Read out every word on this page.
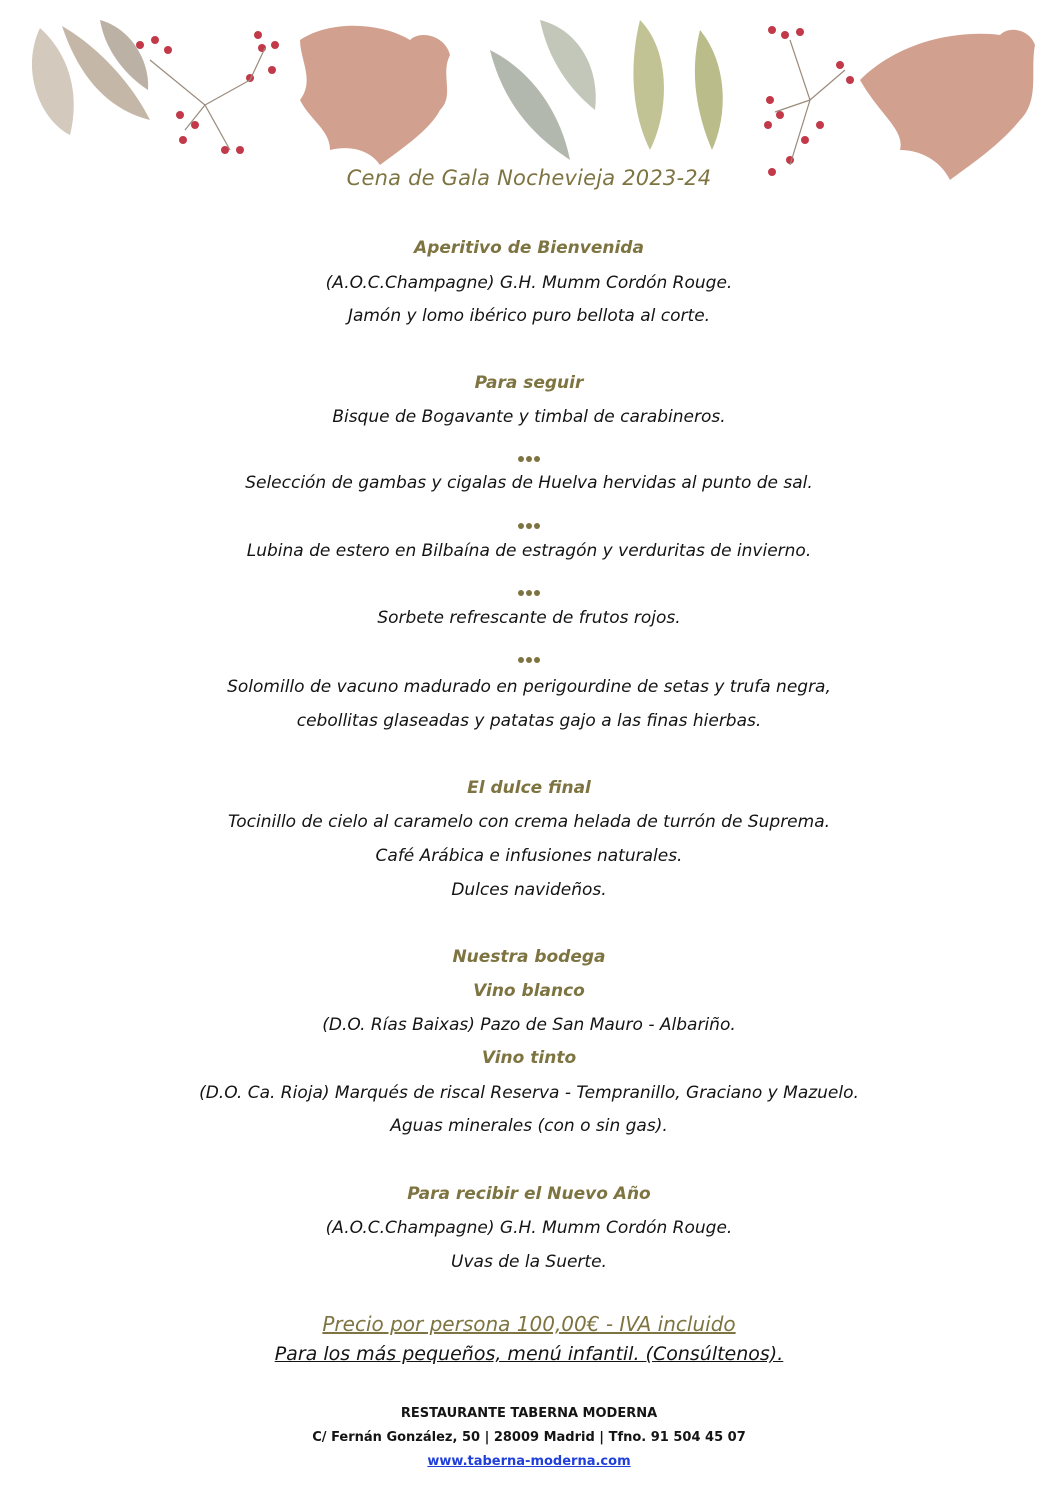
Cena de Gala Nochevieja 2023-24
Aperitivo de Bienvenida
(A.O.C.Champagne) G.H. Mumm Cordón Rouge.
Jamón y lomo ibérico puro bellota al corte.
Para seguir
Bisque de Bogavante y timbal de carabineros.
Selección de gambas y cigalas de Huelva hervidas al punto de sal.
Lubina de estero en Bilbaína de estragón y verduritas de invierno.
Sorbete refrescante de frutos rojos.
Solomillo de vacuno madurado en perigourdine de setas y trufa negra,
cebollitas glaseadas y patatas gajo a las finas hierbas.
El dulce final
Tocinillo de cielo al caramelo con crema helada de turrón de Suprema.
Café Arábica e infusiones naturales.
Dulces navideños.
Nuestra bodega
Vino blanco
(D.O. Rías Baixas) Pazo de San Mauro - Albariño.
Vino tinto
(D.O. Ca. Rioja) Marqués de riscal Reserva - Tempranillo, Graciano y Mazuelo.
Aguas minerales (con o sin gas).
Para recibir el Nuevo Año
(A.O.C.Champagne) G.H. Mumm Cordón Rouge.
Uvas de la Suerte.
Precio por persona 100,00€ - IVA incluido
Para los más pequeños, menú infantil. (Consúltenos).
RESTAURANTE TABERNA MODERNA
C/ Fernán González, 50 | 28009 Madrid | Tfno. 91 504 45 07
www.taberna-moderna.com
